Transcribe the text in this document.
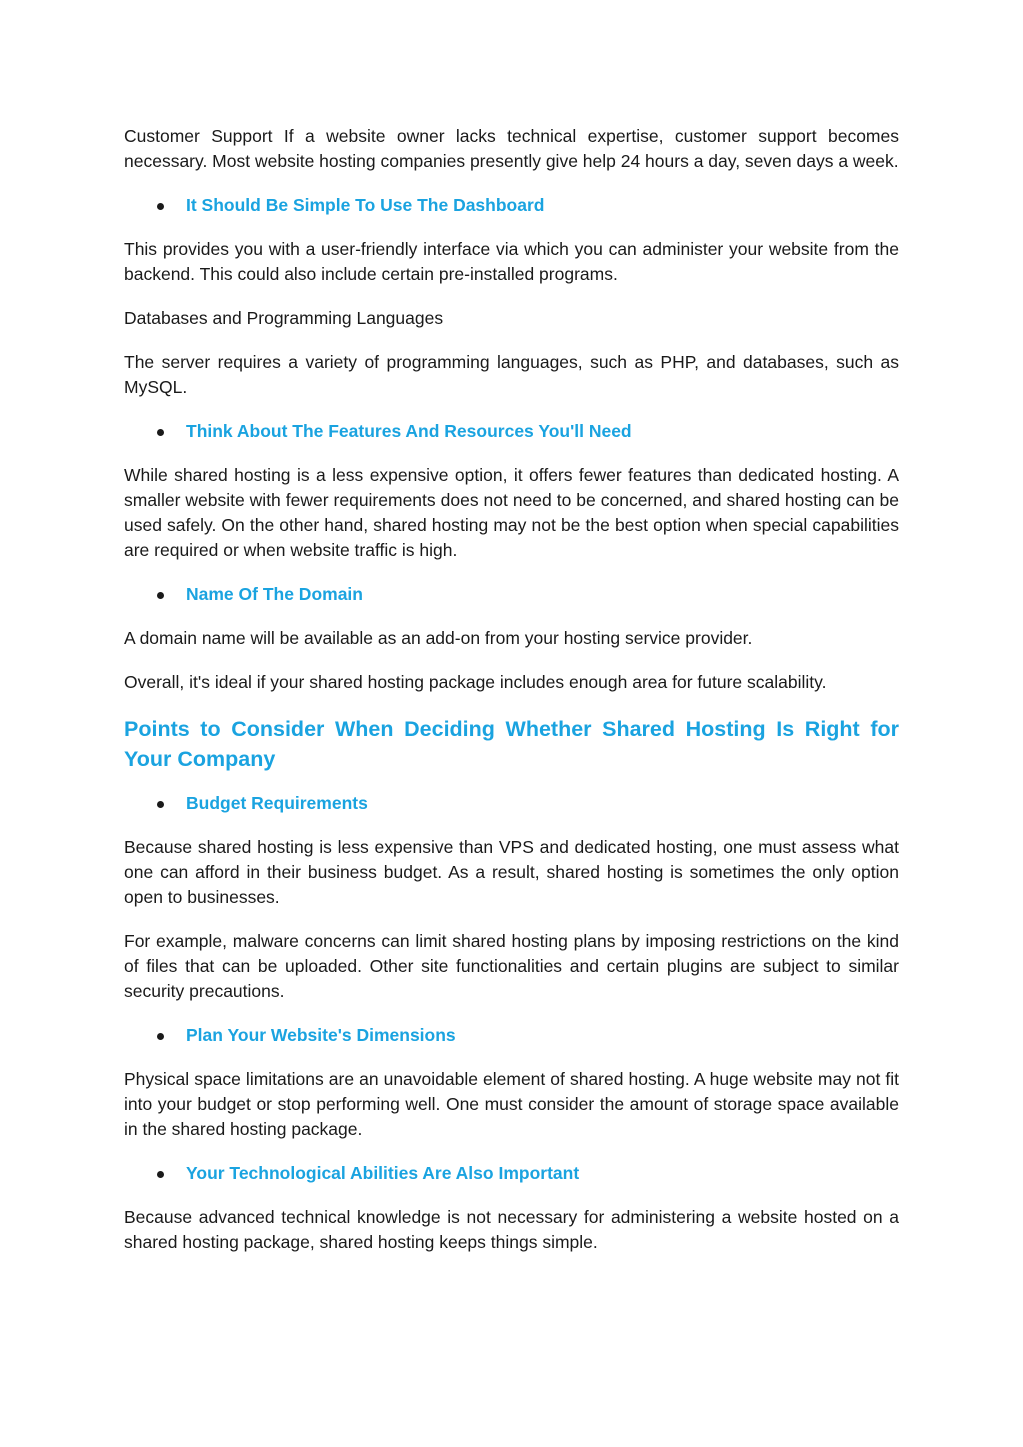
Customer Support If a website owner lacks technical expertise, customer support becomes necessary. Most website hosting companies presently give help 24 hours a day, seven days a week.

It Should Be Simple To Use The Dashboard

This provides you with a user-friendly interface via which you can administer your website from the backend. This could also include certain pre-installed programs.

Databases and Programming Languages

The server requires a variety of programming languages, such as PHP, and databases, such as MySQL.

Think About The Features And Resources You'll Need

While shared hosting is a less expensive option, it offers fewer features than dedicated hosting. A smaller website with fewer requirements does not need to be concerned, and shared hosting can be used safely. On the other hand, shared hosting may not be the best option when special capabilities are required or when website traffic is high.

Name Of The Domain

A domain name will be available as an add-on from your hosting service provider.

Overall, it's ideal if your shared hosting package includes enough area for future scalability.

Points to Consider When Deciding Whether Shared Hosting Is Right for Your Company
Budget Requirements

Because shared hosting is less expensive than VPS and dedicated hosting, one must assess what one can afford in their business budget. As a result, shared hosting is sometimes the only option open to businesses.

For example, malware concerns can limit shared hosting plans by imposing restrictions on the kind of files that can be uploaded. Other site functionalities and certain plugins are subject to similar security precautions.

Plan Your Website's Dimensions

Physical space limitations are an unavoidable element of shared hosting. A huge website may not fit into your budget or stop performing well. One must consider the amount of storage space available in the shared hosting package.

Your Technological Abilities Are Also Important

Because advanced technical knowledge is not necessary for administering a website hosted on a shared hosting package, shared hosting keeps things simple.
